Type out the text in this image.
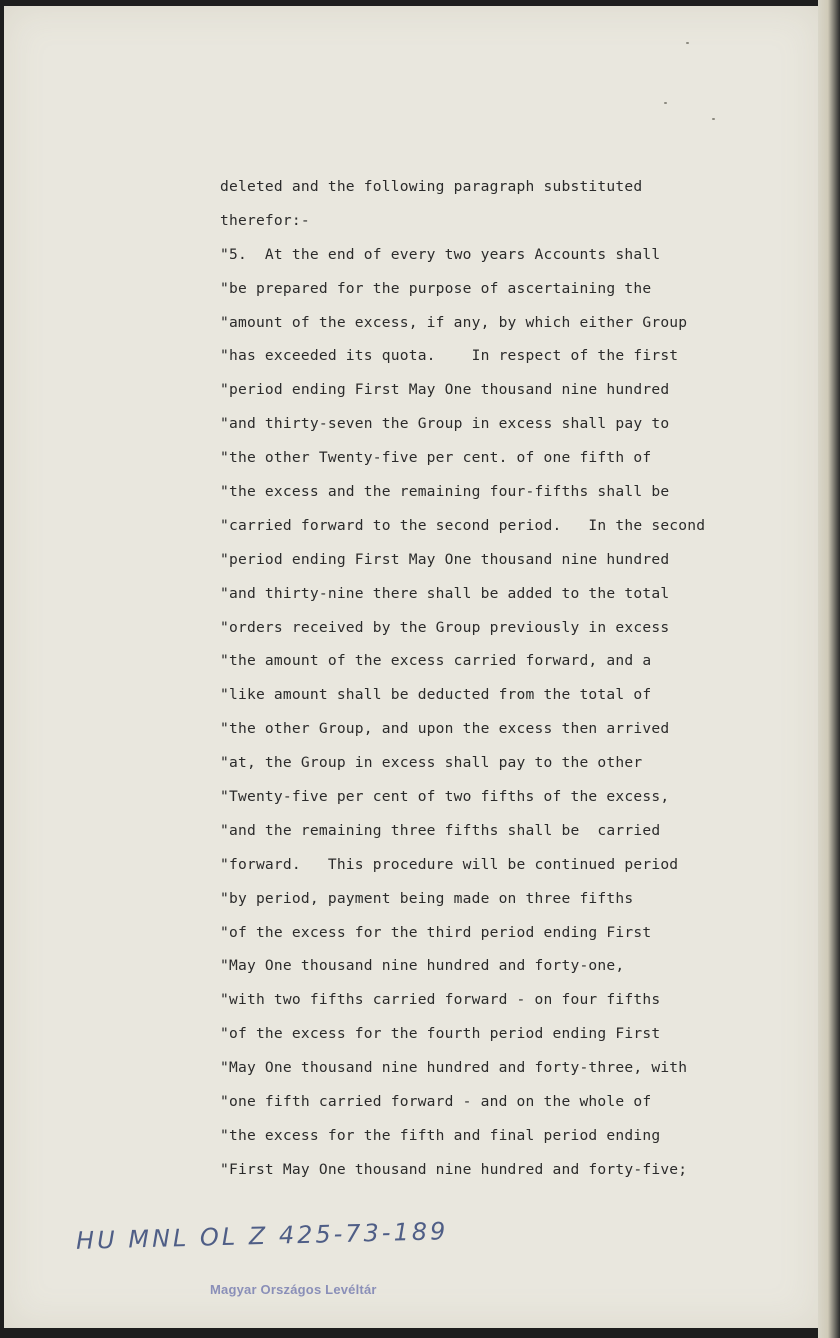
deleted and the following paragraph substituted
therefor:-
"5.  At the end of every two years Accounts shall
"be prepared for the purpose of ascertaining the
"amount of the excess, if any, by which either Group
"has exceeded its quota.    In respect of the first
"period ending First May One thousand nine hundred
"and thirty-seven the Group in excess shall pay to
"the other Twenty-five per cent. of one fifth of
"the excess and the remaining four-fifths shall be
"carried forward to the second period.   In the second
"period ending First May One thousand nine hundred
"and thirty-nine there shall be added to the total
"orders received by the Group previously in excess
"the amount of the excess carried forward, and a
"like amount shall be deducted from the total of
"the other Group, and upon the excess then arrived
"at, the Group in excess shall pay to the other
"Twenty-five per cent of two fifths of the excess,
"and the remaining three fifths shall be  carried
"forward.   This procedure will be continued period
"by period, payment being made on three fifths
"of the excess for the third period ending First
"May One thousand nine hundred and forty-one,
"with two fifths carried forward - on four fifths
"of the excess for the fourth period ending First
"May One thousand nine hundred and forty-three, with
"one fifth carried forward - and on the whole of
"the excess for the fifth and final period ending
"First May One thousand nine hundred and forty-five;
HU MNL OL Z 425-73-189
Magyar Országos Levéltár
